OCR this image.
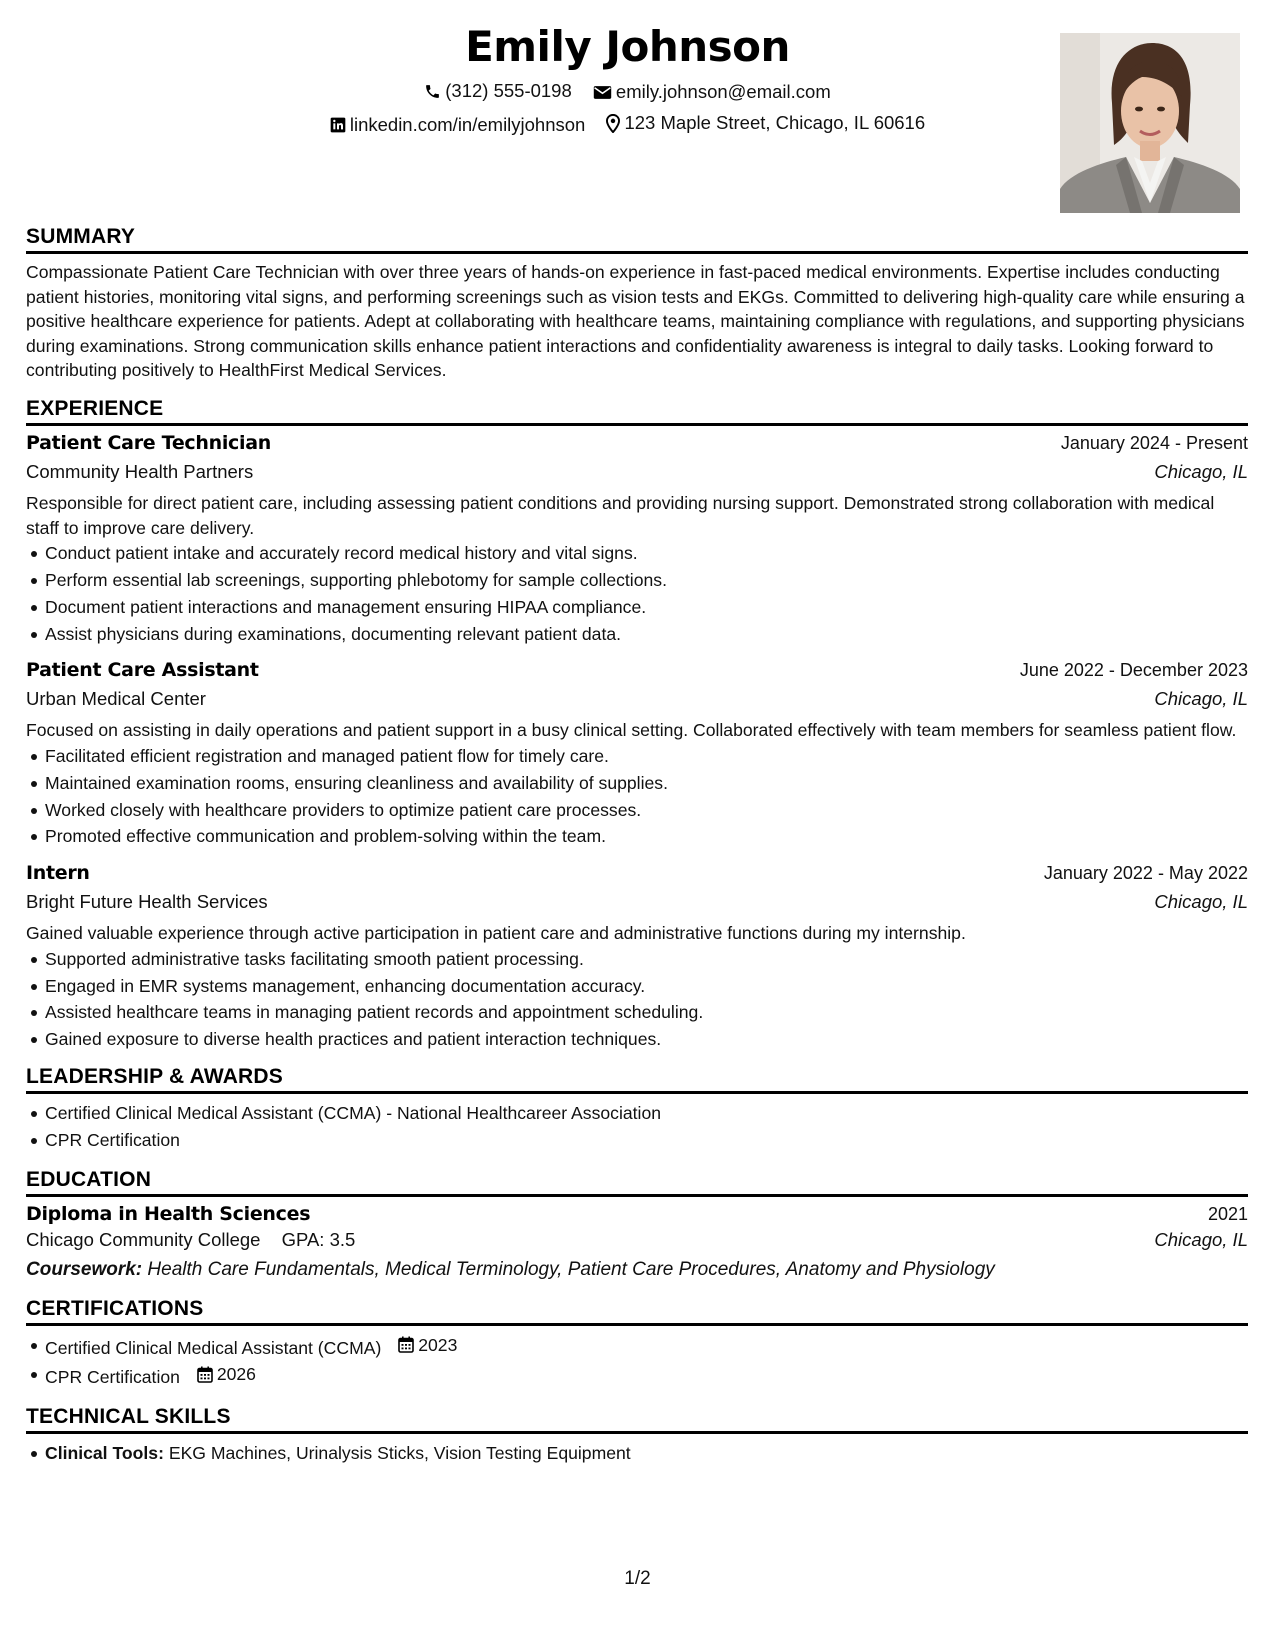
Emily Johnson
(312) 555-0198
emily.johnson@email.com
linkedin.com/in/emilyjohnson
123 Maple Street, Chicago, IL 60616
SUMMARY
Compassionate Patient Care Technician with over three years of hands-on experience in fast-paced medical environments. Expertise includes conducting patient histories, monitoring vital signs, and performing screenings such as vision tests and EKGs. Committed to delivering high-quality care while ensuring a positive healthcare experience for patients. Adept at collaborating with healthcare teams, maintaining compliance with regulations, and supporting physicians during examinations. Strong communication skills enhance patient interactions and confidentiality awareness is integral to daily tasks. Looking forward to contributing positively to HealthFirst Medical Services.
EXPERIENCE
Patient Care Technician	January 2024 - Present
Community Health Partners	Chicago, IL
Responsible for direct patient care, including assessing patient conditions and providing nursing support. Demonstrated strong collaboration with medical staff to improve care delivery.
Conduct patient intake and accurately record medical history and vital signs.
Perform essential lab screenings, supporting phlebotomy for sample collections.
Document patient interactions and management ensuring HIPAA compliance.
Assist physicians during examinations, documenting relevant patient data.
Patient Care Assistant	June 2022 - December 2023
Urban Medical Center	Chicago, IL
Focused on assisting in daily operations and patient support in a busy clinical setting. Collaborated effectively with team members for seamless patient flow.
Facilitated efficient registration and managed patient flow for timely care.
Maintained examination rooms, ensuring cleanliness and availability of supplies.
Worked closely with healthcare providers to optimize patient care processes.
Promoted effective communication and problem-solving within the team.
Intern	January 2022 - May 2022
Bright Future Health Services	Chicago, IL
Gained valuable experience through active participation in patient care and administrative functions during my internship.
Supported administrative tasks facilitating smooth patient processing.
Engaged in EMR systems management, enhancing documentation accuracy.
Assisted healthcare teams in managing patient records and appointment scheduling.
Gained exposure to diverse health practices and patient interaction techniques.
LEADERSHIP & AWARDS
Certified Clinical Medical Assistant (CCMA) - National Healthcareer Association
CPR Certification
EDUCATION
Diploma in Health Sciences	2021
Chicago Community College GPA: 3.5	Chicago, IL
Coursework: Health Care Fundamentals, Medical Terminology, Patient Care Procedures, Anatomy and Physiology
CERTIFICATIONS
Certified Clinical Medical Assistant (CCMA) 2023
CPR Certification 2026
TECHNICAL SKILLS
Clinical Tools: EKG Machines, Urinalysis Sticks, Vision Testing Equipment
1/2
